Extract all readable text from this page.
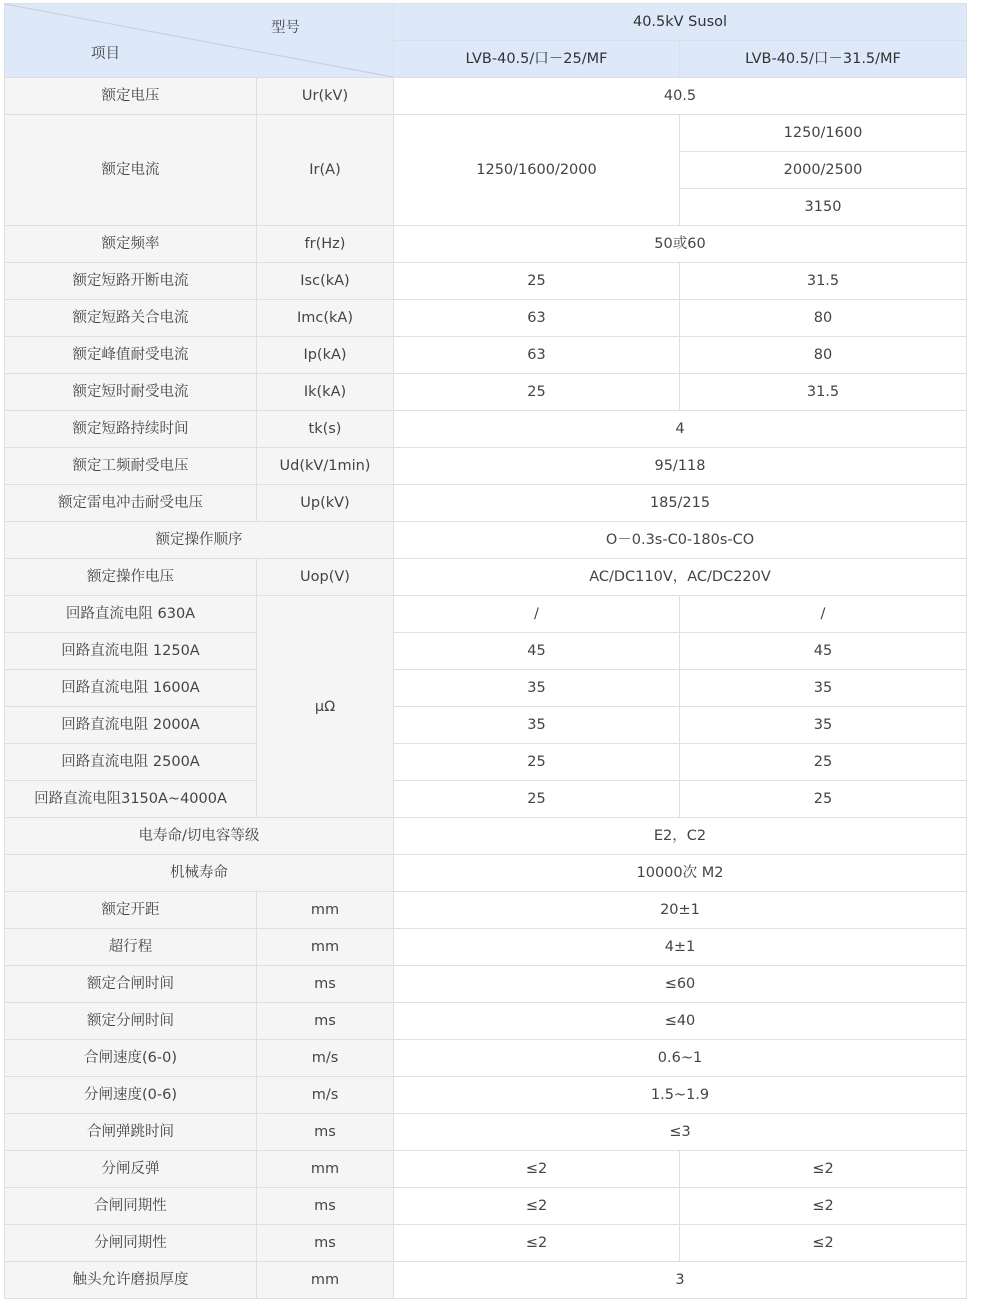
型号
项目		40.5kV Susol	
		LVB-40.5/口－25/MF	LVB-40.5/口－31.5/MF
额定电压	Ur(kV)	40.5	
额定电流	Ir(A)	1250/1600/2000	1250/1600
			2000/2500
			3150
额定频率	fr(Hz)	50或60	
额定短路开断电流	Isc(kA)	25	31.5
额定短路关合电流	Imc(kA)	63	80
额定峰值耐受电流	Ip(kA)	63	80
额定短时耐受电流	Ik(kA)	25	31.5
额定短路持续时间	tk(s)	4	
额定工频耐受电压	Ud(kV/1min)	95/118	
额定雷电冲击耐受电压	Up(kV)	185/215	
额定操作顺序		O－0.3s-C0-180s-CO	
额定操作电压	Uop(V)	AC/DC110V，AC/DC220V	
回路直流电阻 630A	μΩ	/	/
回路直流电阻 1250A		45	45
回路直流电阻 1600A		35	35
回路直流电阻 2000A		35	35
回路直流电阻 2500A		25	25
回路直流电阻3150A~4000A		25	25
电寿命/切电容等级		E2，C2	
机械寿命		10000次 M2	
额定开距	mm	20±1	
超行程	mm	4±1	
额定合闸时间	ms	≤60	
额定分闸时间	ms	≤40	
合闸速度(6-0)	m/s	0.6~1	
分闸速度(0-6)	m/s	1.5~1.9	
合闸弹跳时间	ms	≤3	
分闸反弹	mm	≤2	≤2
合闸同期性	ms	≤2	≤2
分闸同期性	ms	≤2	≤2
触头允许磨损厚度	mm	3	
